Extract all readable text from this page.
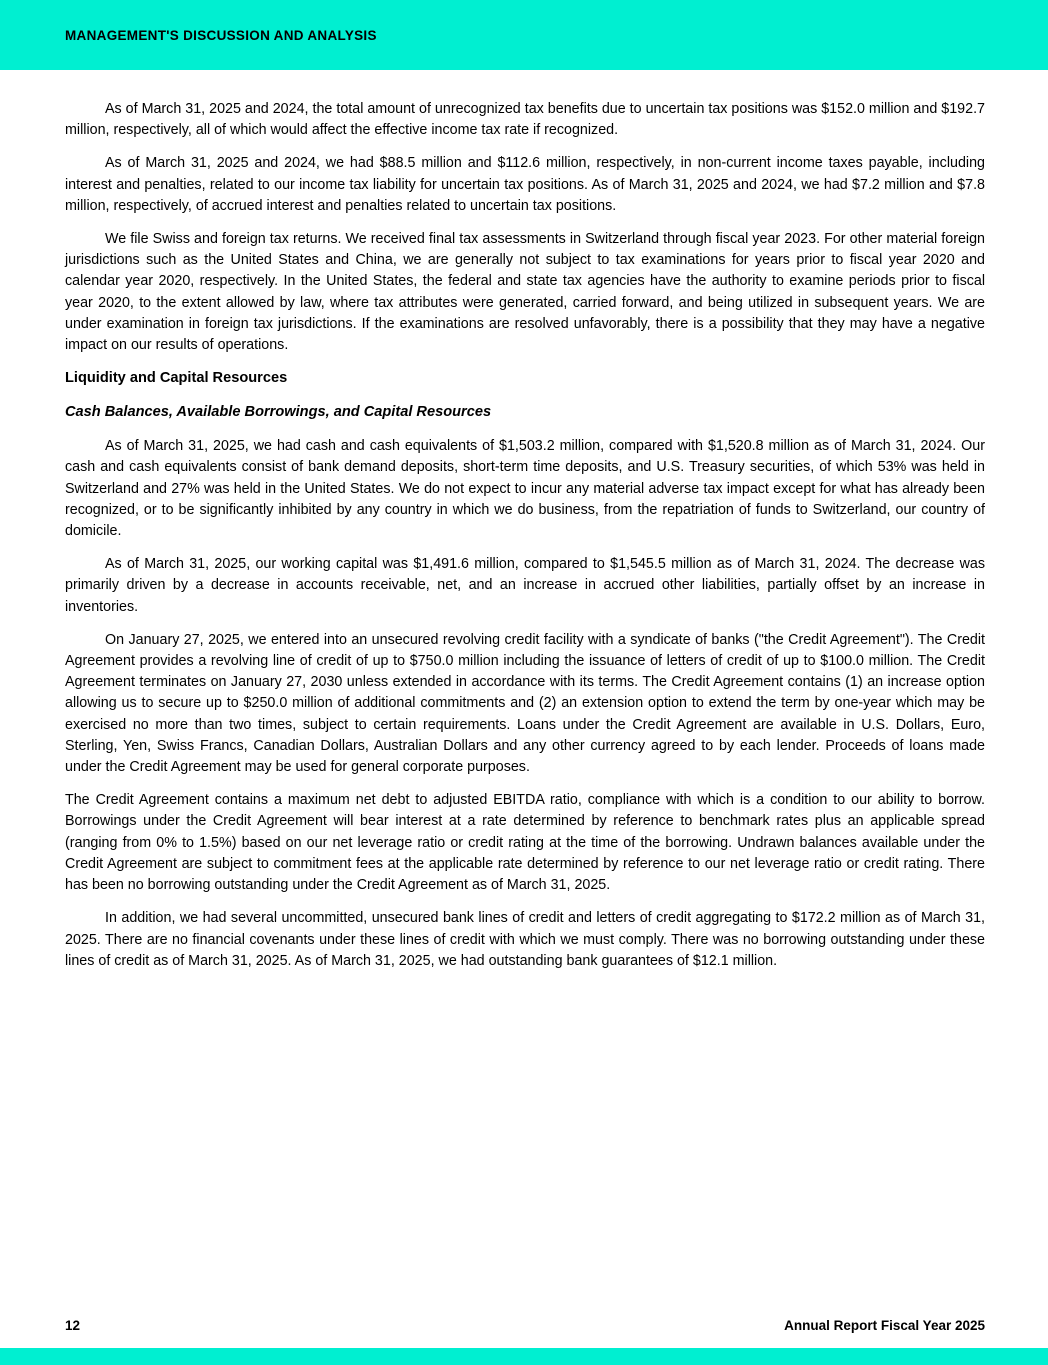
MANAGEMENT'S DISCUSSION AND ANALYSIS

As of March 31, 2025 and 2024, the total amount of unrecognized tax benefits due to uncertain tax positions was $152.0 million and $192.7 million, respectively, all of which would affect the effective income tax rate if recognized.

As of March 31, 2025 and 2024, we had $88.5 million and $112.6 million, respectively, in non-current income taxes payable, including interest and penalties, related to our income tax liability for uncertain tax positions. As of March 31, 2025 and 2024, we had $7.2 million and $7.8 million, respectively, of accrued interest and penalties related to uncertain tax positions.

We file Swiss and foreign tax returns. We received final tax assessments in Switzerland through fiscal year 2023. For other material foreign jurisdictions such as the United States and China, we are generally not subject to tax examinations for years prior to fiscal year 2020 and calendar year 2020, respectively. In the United States, the federal and state tax agencies have the authority to examine periods prior to fiscal year 2020, to the extent allowed by law, where tax attributes were generated, carried forward, and being utilized in subsequent years. We are under examination in foreign tax jurisdictions. If the examinations are resolved unfavorably, there is a possibility that they may have a negative impact on our results of operations.

Liquidity and Capital Resources
Cash Balances, Available Borrowings, and Capital Resources

As of March 31, 2025, we had cash and cash equivalents of $1,503.2 million, compared with $1,520.8 million as of March 31, 2024. Our cash and cash equivalents consist of bank demand deposits, short-term time deposits, and U.S. Treasury securities, of which 53% was held in Switzerland and 27% was held in the United States. We do not expect to incur any material adverse tax impact except for what has already been recognized, or to be significantly inhibited by any country in which we do business, from the repatriation of funds to Switzerland, our country of domicile.

As of March 31, 2025, our working capital was $1,491.6 million, compared to $1,545.5 million as of March 31, 2024. The decrease was primarily driven by a decrease in accounts receivable, net, and an increase in accrued other liabilities, partially offset by an increase in inventories.

On January 27, 2025, we entered into an unsecured revolving credit facility with a syndicate of banks ("the Credit Agreement"). The Credit Agreement provides a revolving line of credit of up to $750.0 million including the issuance of letters of credit of up to $100.0 million. The Credit Agreement terminates on January 27, 2030 unless extended in accordance with its terms. The Credit Agreement contains (1) an increase option allowing us to secure up to $250.0 million of additional commitments and (2) an extension option to extend the term by one-year which may be exercised no more than two times, subject to certain requirements. Loans under the Credit Agreement are available in U.S. Dollars, Euro, Sterling, Yen, Swiss Francs, Canadian Dollars, Australian Dollars and any other currency agreed to by each lender. Proceeds of loans made under the Credit Agreement may be used for general corporate purposes.

The Credit Agreement contains a maximum net debt to adjusted EBITDA ratio, compliance with which is a condition to our ability to borrow. Borrowings under the Credit Agreement will bear interest at a rate determined by reference to benchmark rates plus an applicable spread (ranging from 0% to 1.5%) based on our net leverage ratio or credit rating at the time of the borrowing. Undrawn balances available under the Credit Agreement are subject to commitment fees at the applicable rate determined by reference to our net leverage ratio or credit rating. There has been no borrowing outstanding under the Credit Agreement as of March 31, 2025.

In addition, we had several uncommitted, unsecured bank lines of credit and letters of credit aggregating to $172.2 million as of March 31, 2025. There are no financial covenants under these lines of credit with which we must comply. There was no borrowing outstanding under these lines of credit as of March 31, 2025. As of March 31, 2025, we had outstanding bank guarantees of $12.1 million.

12	Annual Report Fiscal Year 2025
